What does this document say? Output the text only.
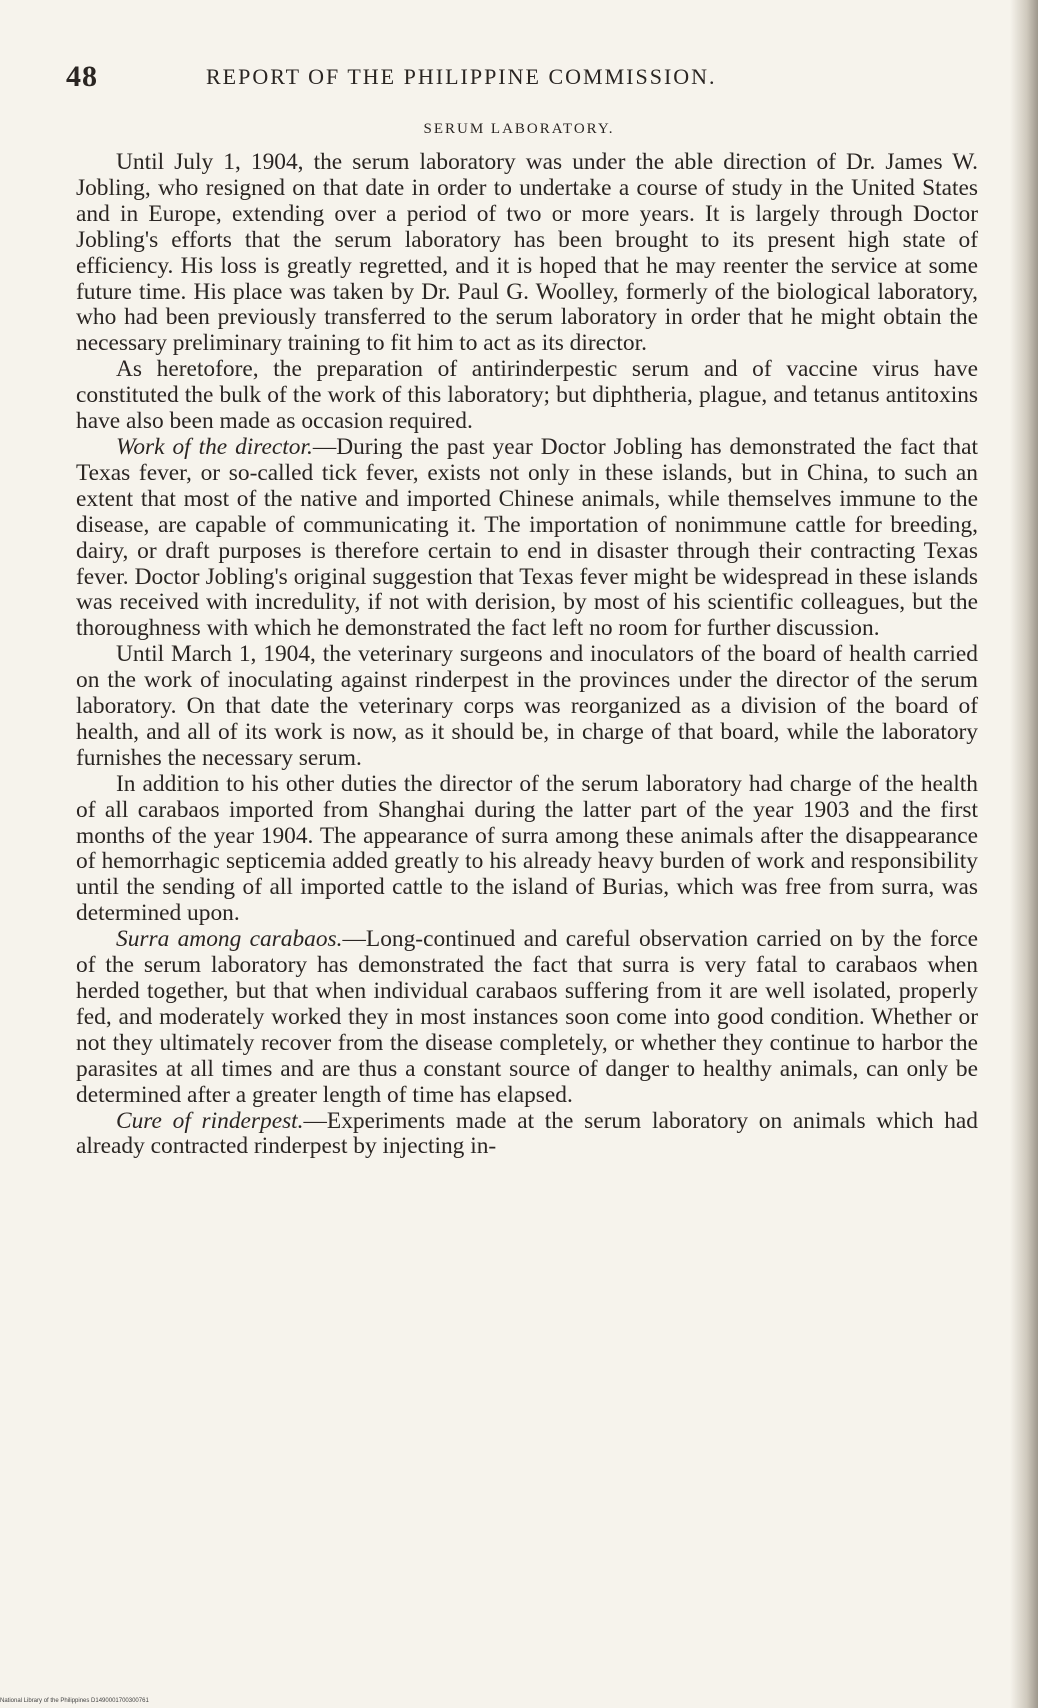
48	REPORT OF THE PHILIPPINE COMMISSION.
SERUM LABORATORY.

Until July 1, 1904, the serum laboratory was under the able direction of Dr. James W. Jobling, who resigned on that date in order to undertake a course of study in the United States and in Europe, extending over a period of two or more years. It is largely through Doctor Jobling's efforts that the serum laboratory has been brought to its present high state of efficiency. His loss is greatly regretted, and it is hoped that he may reenter the service at some future time. His place was taken by Dr. Paul G. Woolley, formerly of the biological laboratory, who had been previously transferred to the serum laboratory in order that he might obtain the necessary preliminary training to fit him to act as its director.

As heretofore, the preparation of antirinderpestic serum and of vaccine virus have constituted the bulk of the work of this laboratory; but diphtheria, plague, and tetanus antitoxins have also been made as occasion required.

Work of the director.—During the past year Doctor Jobling has demonstrated the fact that Texas fever, or so-called tick fever, exists not only in these islands, but in China, to such an extent that most of the native and imported Chinese animals, while themselves immune to the disease, are capable of communicating it. The importation of nonimmune cattle for breeding, dairy, or draft purposes is therefore certain to end in disaster through their contracting Texas fever. Doctor Jobling's original suggestion that Texas fever might be widespread in these islands was received with incredulity, if not with derision, by most of his scientific colleagues, but the thoroughness with which he demonstrated the fact left no room for further discussion.

Until March 1, 1904, the veterinary surgeons and inoculators of the board of health carried on the work of inoculating against rinderpest in the provinces under the director of the serum laboratory. On that date the veterinary corps was reorganized as a division of the board of health, and all of its work is now, as it should be, in charge of that board, while the laboratory furnishes the necessary serum.

In addition to his other duties the director of the serum laboratory had charge of the health of all carabaos imported from Shanghai during the latter part of the year 1903 and the first months of the year 1904. The appearance of surra among these animals after the disappearance of hemorrhagic septicemia added greatly to his already heavy burden of work and responsibility until the sending of all imported cattle to the island of Burias, which was free from surra, was determined upon.

Surra among carabaos.—Long-continued and careful observation carried on by the force of the serum laboratory has demonstrated the fact that surra is very fatal to carabaos when herded together, but that when individual carabaos suffering from it are well isolated, properly fed, and moderately worked they in most instances soon come into good condition. Whether or not they ultimately recover from the disease completely, or whether they continue to harbor the parasites at all times and are thus a constant source of danger to healthy animals, can only be determined after a greater length of time has elapsed.

Cure of rinderpest.—Experiments made at the serum laboratory on animals which had already contracted rinderpest by injecting in-

National Library of the Philippines D1490001700300761
